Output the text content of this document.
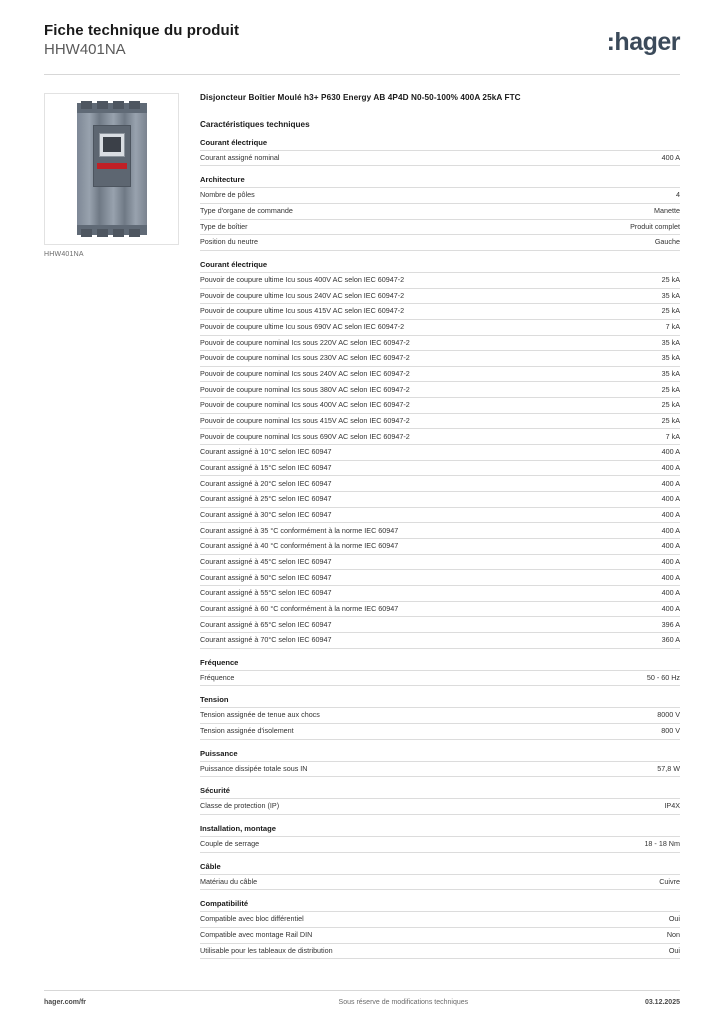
Fiche technique du produit
HHW401NA	:hager
HHW401NA
Disjoncteur Boîtier Moulé h3+ P630 Energy AB 4P4D N0-50-100% 400A 25kA FTC
Caractéristiques techniques
Courant électrique
Courant assigné nominal	400 A
Architecture
Nombre de pôles	4
Type d'organe de commande	Manette
Type de boîtier	Produit complet
Position du neutre	Gauche
Courant électrique
Pouvoir de coupure ultime Icu sous 400V AC selon IEC 60947-2	25 kA
Pouvoir de coupure ultime Icu sous 240V AC selon IEC 60947-2	35 kA
Pouvoir de coupure ultime Icu sous 415V AC selon IEC 60947-2	25 kA
Pouvoir de coupure ultime Icu sous 690V AC selon IEC 60947-2	7 kA
Pouvoir de coupure nominal Ics sous 220V AC selon IEC 60947-2	35 kA
Pouvoir de coupure nominal Ics sous 230V AC selon IEC 60947-2	35 kA
Pouvoir de coupure nominal Ics sous 240V AC selon IEC 60947-2	35 kA
Pouvoir de coupure nominal Ics sous 380V AC selon IEC 60947-2	25 kA
Pouvoir de coupure nominal Ics sous 400V AC selon IEC 60947-2	25 kA
Pouvoir de coupure nominal Ics sous 415V AC selon IEC 60947-2	25 kA
Pouvoir de coupure nominal Ics sous 690V AC selon IEC 60947-2	7 kA
Courant assigné à 10°C selon IEC 60947	400 A
Courant assigné à 15°C selon IEC 60947	400 A
Courant assigné à 20°C selon IEC 60947	400 A
Courant assigné à 25°C selon IEC 60947	400 A
Courant assigné à 30°C selon IEC 60947	400 A
Courant assigné à 35 °C conformément à la norme IEC 60947	400 A
Courant assigné à 40 °C conformément à la norme IEC 60947	400 A
Courant assigné à 45°C selon IEC 60947	400 A
Courant assigné à 50°C selon IEC 60947	400 A
Courant assigné à 55°C selon IEC 60947	400 A
Courant assigné à 60 °C conformément à la norme IEC 60947	400 A
Courant assigné à 65°C selon IEC 60947	396 A
Courant assigné à 70°C selon IEC 60947	360 A
Fréquence
Fréquence	50 - 60 Hz
Tension
Tension assignée de tenue aux chocs	8000 V
Tension assignée d'isolement	800 V
Puissance
Puissance dissipée totale sous IN	57,8 W
Sécurité
Classe de protection (IP)	IP4X
Installation, montage
Couple de serrage	18 - 18 Nm
Câble
Matériau du câble	Cuivre
Compatibilité
Compatible avec bloc différentiel	Oui
Compatible avec montage Rail DIN	Non
Utilisable pour les tableaux de distribution	Oui
hager.com/fr	Sous réserve de modifications techniques	03.12.2025
